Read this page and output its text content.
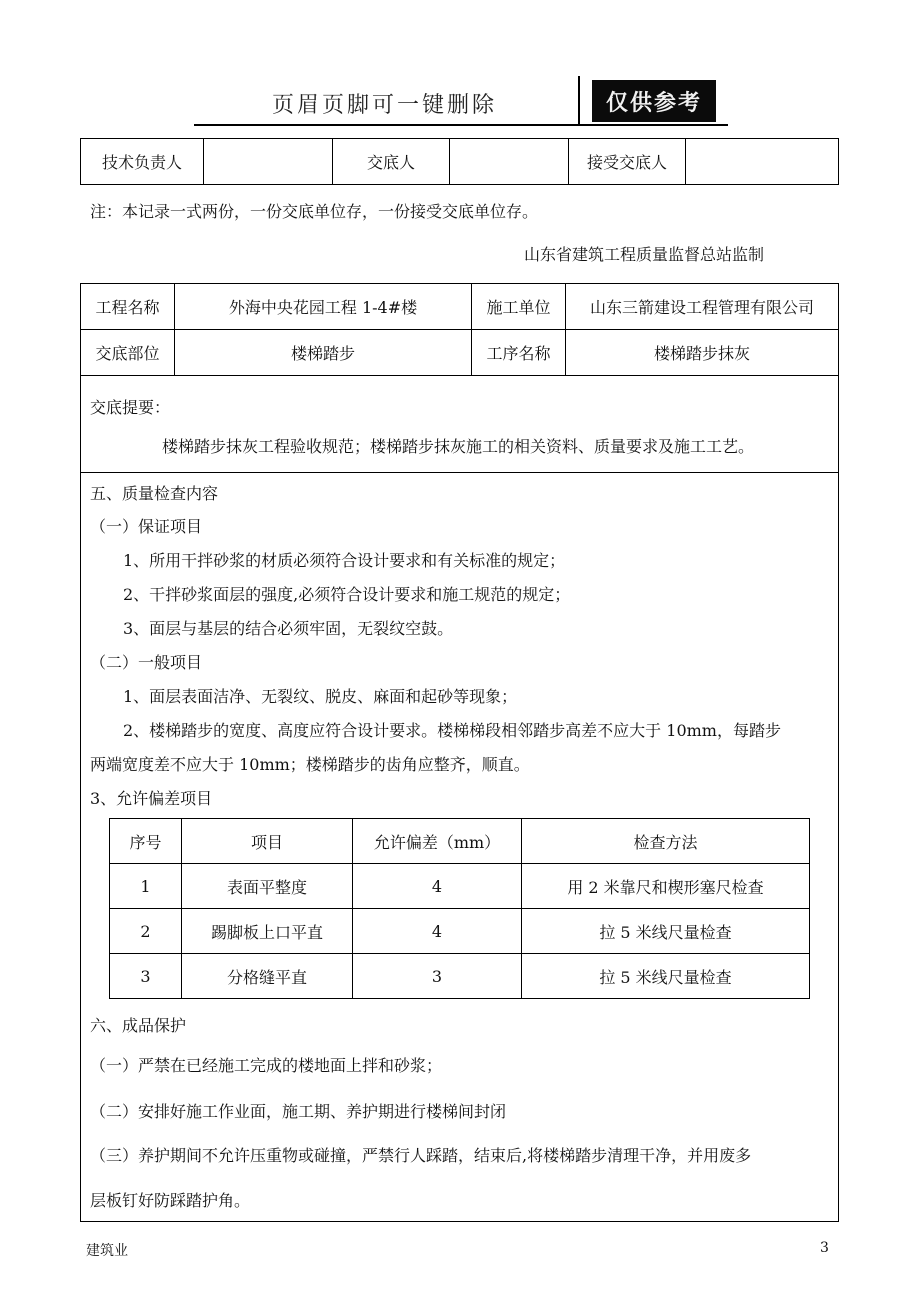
页眉页脚可一键删除	仅供参考
技术负责人		交底人		接受交底人	
注：本记录一式两份，一份交底单位存，一份接受交底单位存。
山东省建筑工程质量监督总站监制
工程名称	外海中央花园工程 1-4#楼	施工单位	山东三箭建设工程管理有限公司
交底部位	楼梯踏步	工序名称	楼梯踏步抹灰
交底提要：
楼梯踏步抹灰工程验收规范；楼梯踏步抹灰施工的相关资料、质量要求及施工工艺。
五、质量检查内容
（一）保证项目
1、所用干拌砂浆的材质必须符合设计要求和有关标准的规定；
2、干拌砂浆面层的强度,必须符合设计要求和施工规范的规定；
3、面层与基层的结合必须牢固，无裂纹空鼓。
（二）一般项目
1、面层表面洁净、无裂纹、脱皮、麻面和起砂等现象；
2、楼梯踏步的宽度、高度应符合设计要求。楼梯梯段相邻踏步高差不应大于 10mm，每踏步
两端宽度差不应大于 10mm；楼梯踏步的齿角应整齐，顺直。
3、允许偏差项目
序号	项目	允许偏差（mm）	检查方法
1	表面平整度	4	用 2 米靠尺和楔形塞尺检查
2	踢脚板上口平直	4	拉 5 米线尺量检查
3	分格缝平直	3	拉 5 米线尺量检查
六、成品保护
（一）严禁在已经施工完成的楼地面上拌和砂浆；
（二）安排好施工作业面，施工期、养护期进行楼梯间封闭
（三）养护期间不允许压重物或碰撞，严禁行人踩踏，结束后,将楼梯踏步清理干净，并用废多
层板钉好防踩踏护角。
建筑业	3
